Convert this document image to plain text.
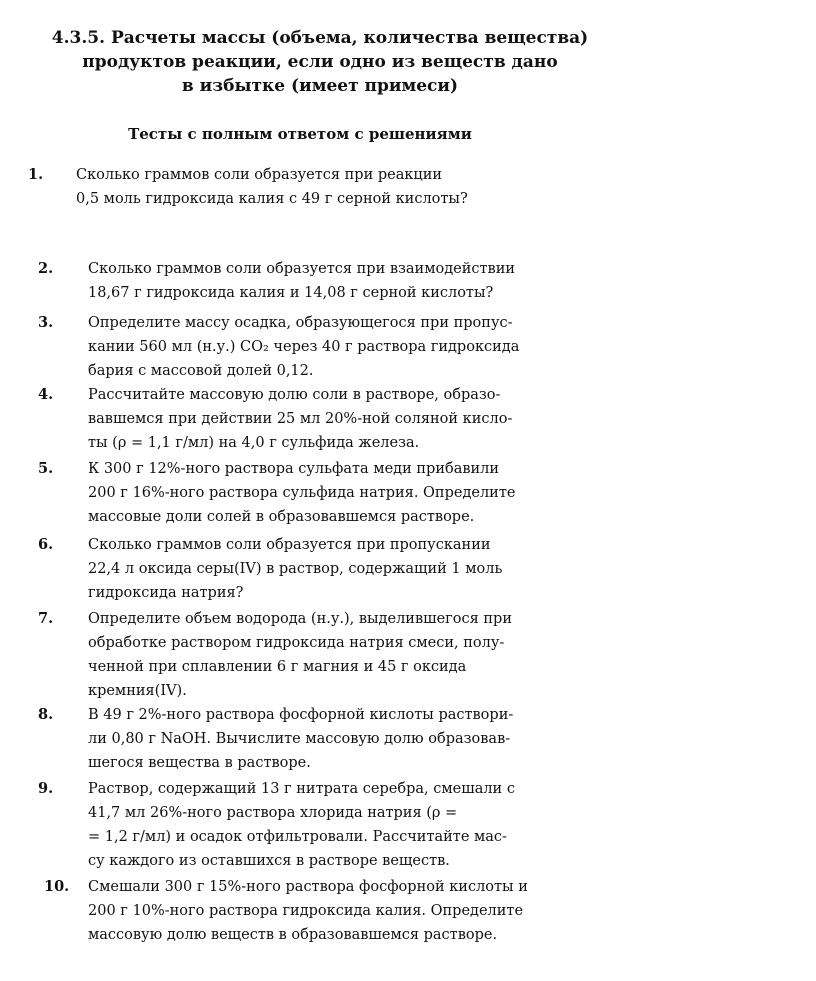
4.3.5. Расчеты массы (объема, количества вещества)
продуктов реакции, если одно из веществ дано
в избытке (имеет примеси)
Тесты с полным ответом с решениями
1. Сколько граммов соли образуется при реакции
0,5 моль гидроксида калия с 49 г серной кислоты?
2. Сколько граммов соли образуется при взаимодействии
18,67 г гидроксида калия и 14,08 г серной кислоты?
3. Определите массу осадка, образующегося при пропус-
кании 560 мл (н.у.) CO₂ через 40 г раствора гидроксида
бария с массовой долей 0,12.
4. Рассчитайте массовую долю соли в растворе, образо-
вавшемся при действии 25 мл 20%-ной соляной кисло-
ты (ρ = 1,1 г/мл) на 4,0 г сульфида железа.
5. К 300 г 12%-ного раствора сульфата меди прибавили
200 г 16%-ного раствора сульфида натрия. Определите
массовые доли солей в образовавшемся растворе.
6. Сколько граммов соли образуется при пропускании
22,4 л оксида серы(IV) в раствор, содержащий 1 моль
гидроксида натрия?
7. Определите объем водорода (н.у.), выделившегося при
обработке раствором гидроксида натрия смеси, полу-
ченной при сплавлении 6 г магния и 45 г оксида
кремния(IV).
8. В 49 г 2%-ного раствора фосфорной кислоты раствори-
ли 0,80 г NaOH. Вычислите массовую долю образовав-
шегося вещества в растворе.
9. Раствор, содержащий 13 г нитрата серебра, смешали с
41,7 мл 26%-ного раствора хлорида натрия (ρ =
= 1,2 г/мл) и осадок отфильтровали. Рассчитайте мас-
су каждого из оставшихся в растворе веществ.
10. Смешали 300 г 15%-ного раствора фосфорной кислоты и
200 г 10%-ного раствора гидроксида калия. Определите
массовую долю веществ в образовавшемся растворе.
